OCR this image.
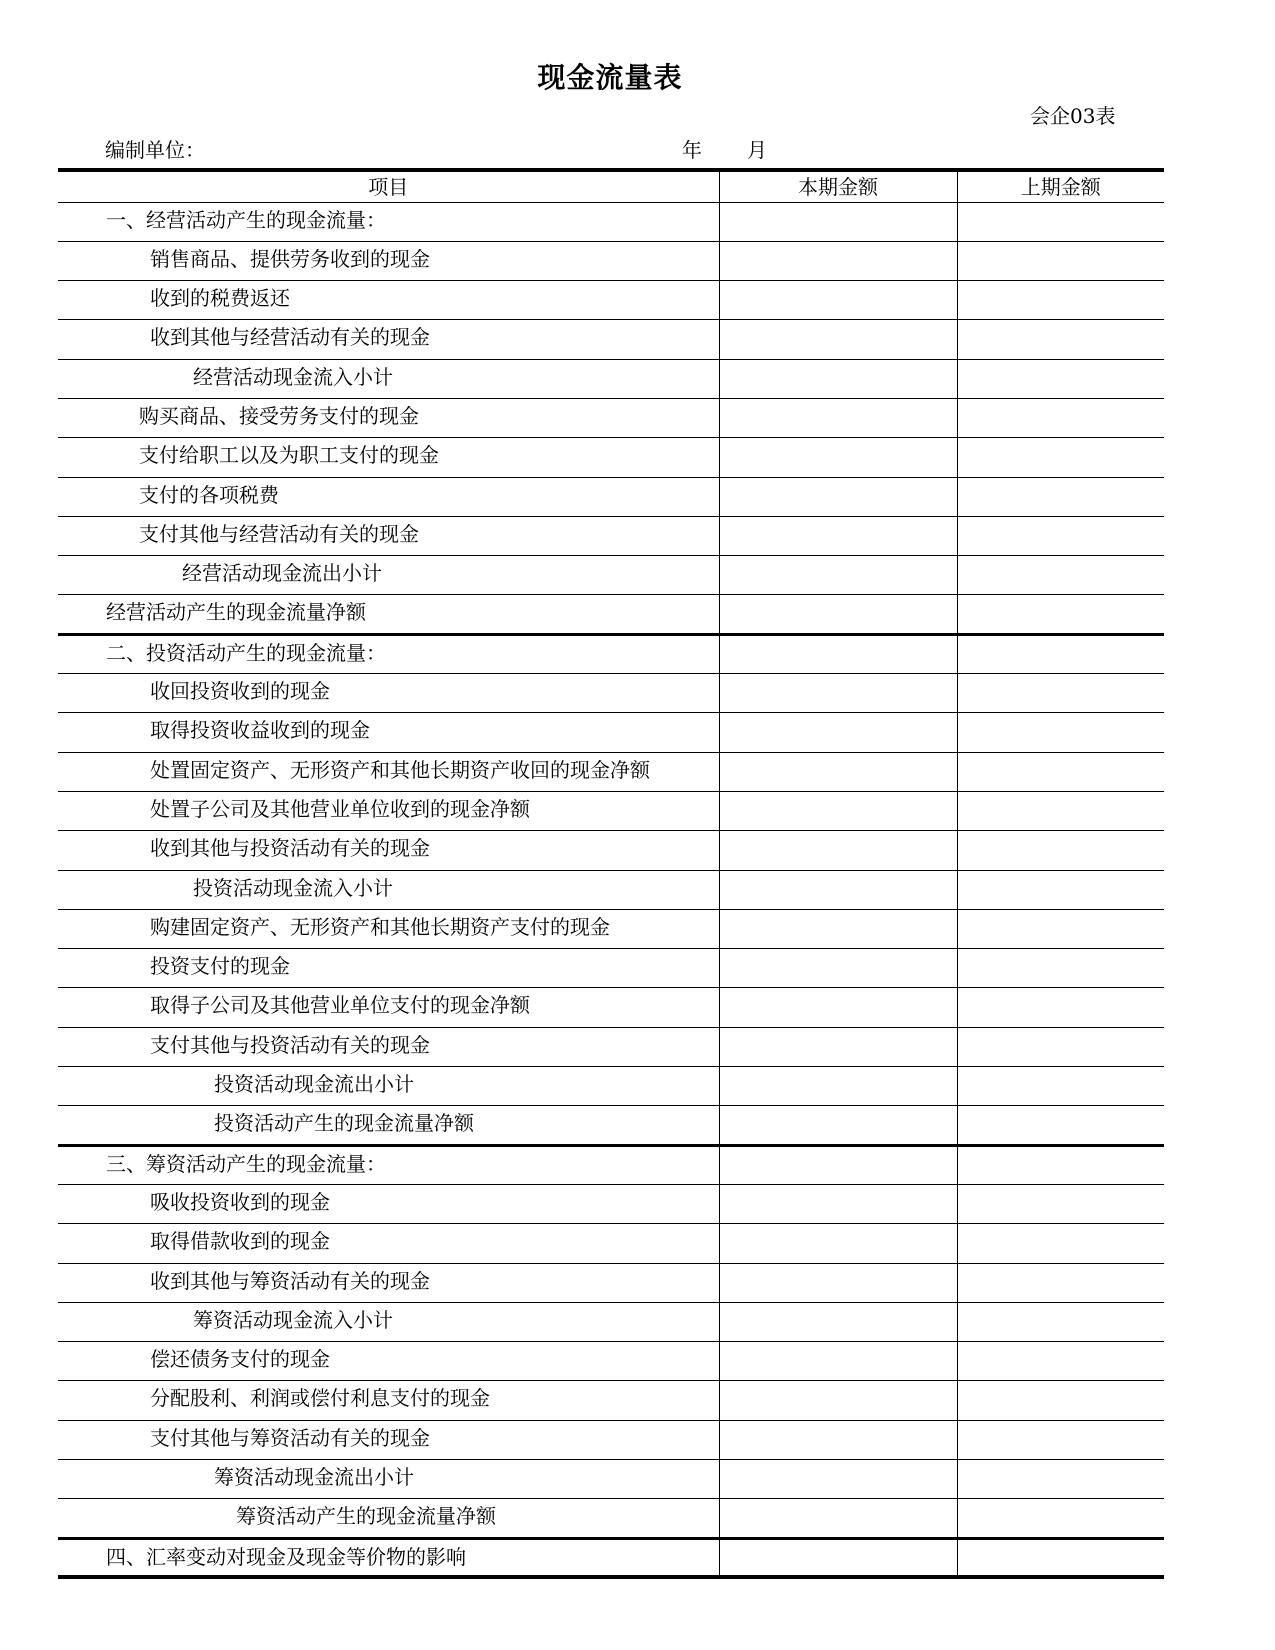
现金流量表
会企03表
编制单位：	年 月
项目	本期金额	上期金额
一、经营活动产生的现金流量：		
销售商品、提供劳务收到的现金		
收到的税费返还		
收到其他与经营活动有关的现金		
经营活动现金流入小计		
购买商品、接受劳务支付的现金		
支付给职工以及为职工支付的现金		
支付的各项税费		
支付其他与经营活动有关的现金		
经营活动现金流出小计		
经营活动产生的现金流量净额		
二、投资活动产生的现金流量：		
收回投资收到的现金		
取得投资收益收到的现金		
处置固定资产、无形资产和其他长期资产收回的现金净额		
处置子公司及其他营业单位收到的现金净额		
收到其他与投资活动有关的现金		
投资活动现金流入小计		
购建固定资产、无形资产和其他长期资产支付的现金		
投资支付的现金		
取得子公司及其他营业单位支付的现金净额		
支付其他与投资活动有关的现金		
投资活动现金流出小计		
投资活动产生的现金流量净额		
三、筹资活动产生的现金流量：		
吸收投资收到的现金		
取得借款收到的现金		
收到其他与筹资活动有关的现金		
筹资活动现金流入小计		
偿还债务支付的现金		
分配股利、利润或偿付利息支付的现金		
支付其他与筹资活动有关的现金		
筹资活动现金流出小计		
筹资活动产生的现金流量净额		
四、汇率变动对现金及现金等价物的影响		
